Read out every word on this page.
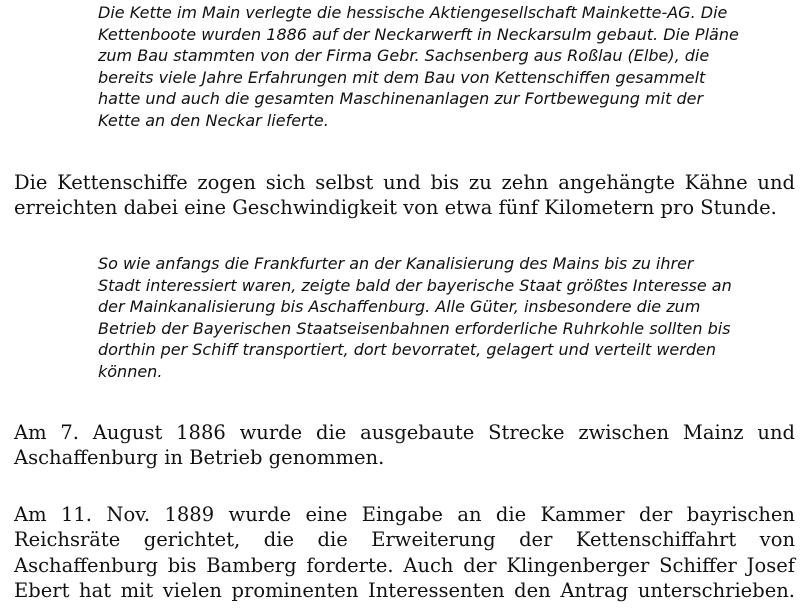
Die Kette im Main verlegte die hessische Aktiengesellschaft Mainkette-AG. Die
Kettenboote wurden 1886 auf der Neckarwerft in Neckarsulm gebaut. Die Pläne
zum Bau stammten von der Firma Gebr. Sachsenberg aus Roßlau (Elbe), die
bereits viele Jahre Erfahrungen mit dem Bau von Kettenschiffen gesammelt
hatte und auch die gesamten Maschinenanlagen zur Fortbewegung mit der
Kette an den Neckar lieferte.
Die Kettenschiffe zogen sich selbst und bis zu zehn angehängte Kähne und
erreichten dabei eine Geschwindigkeit von etwa fünf Kilometern pro Stunde.
So wie anfangs die Frankfurter an der Kanalisierung des Mains bis zu ihrer
Stadt interessiert waren, zeigte bald der bayerische Staat größtes Interesse an
der Mainkanalisierung bis Aschaffenburg. Alle Güter, insbesondere die zum
Betrieb der Bayerischen Staatseisenbahnen erforderliche Ruhrkohle sollten bis
dorthin per Schiff transportiert, dort bevorratet, gelagert und verteilt werden
können.
Am 7. August 1886 wurde die ausgebaute Strecke zwischen Mainz und
Aschaffenburg in Betrieb genommen.
Am 11. Nov. 1889 wurde eine Eingabe an die Kammer der bayrischen
Reichsräte gerichtet, die die Erweiterung der Kettenschiffahrt von
Aschaffenburg bis Bamberg forderte. Auch der Klingenberger Schiffer Josef
Ebert hat mit vielen prominenten Interessenten den Antrag unterschrieben.
